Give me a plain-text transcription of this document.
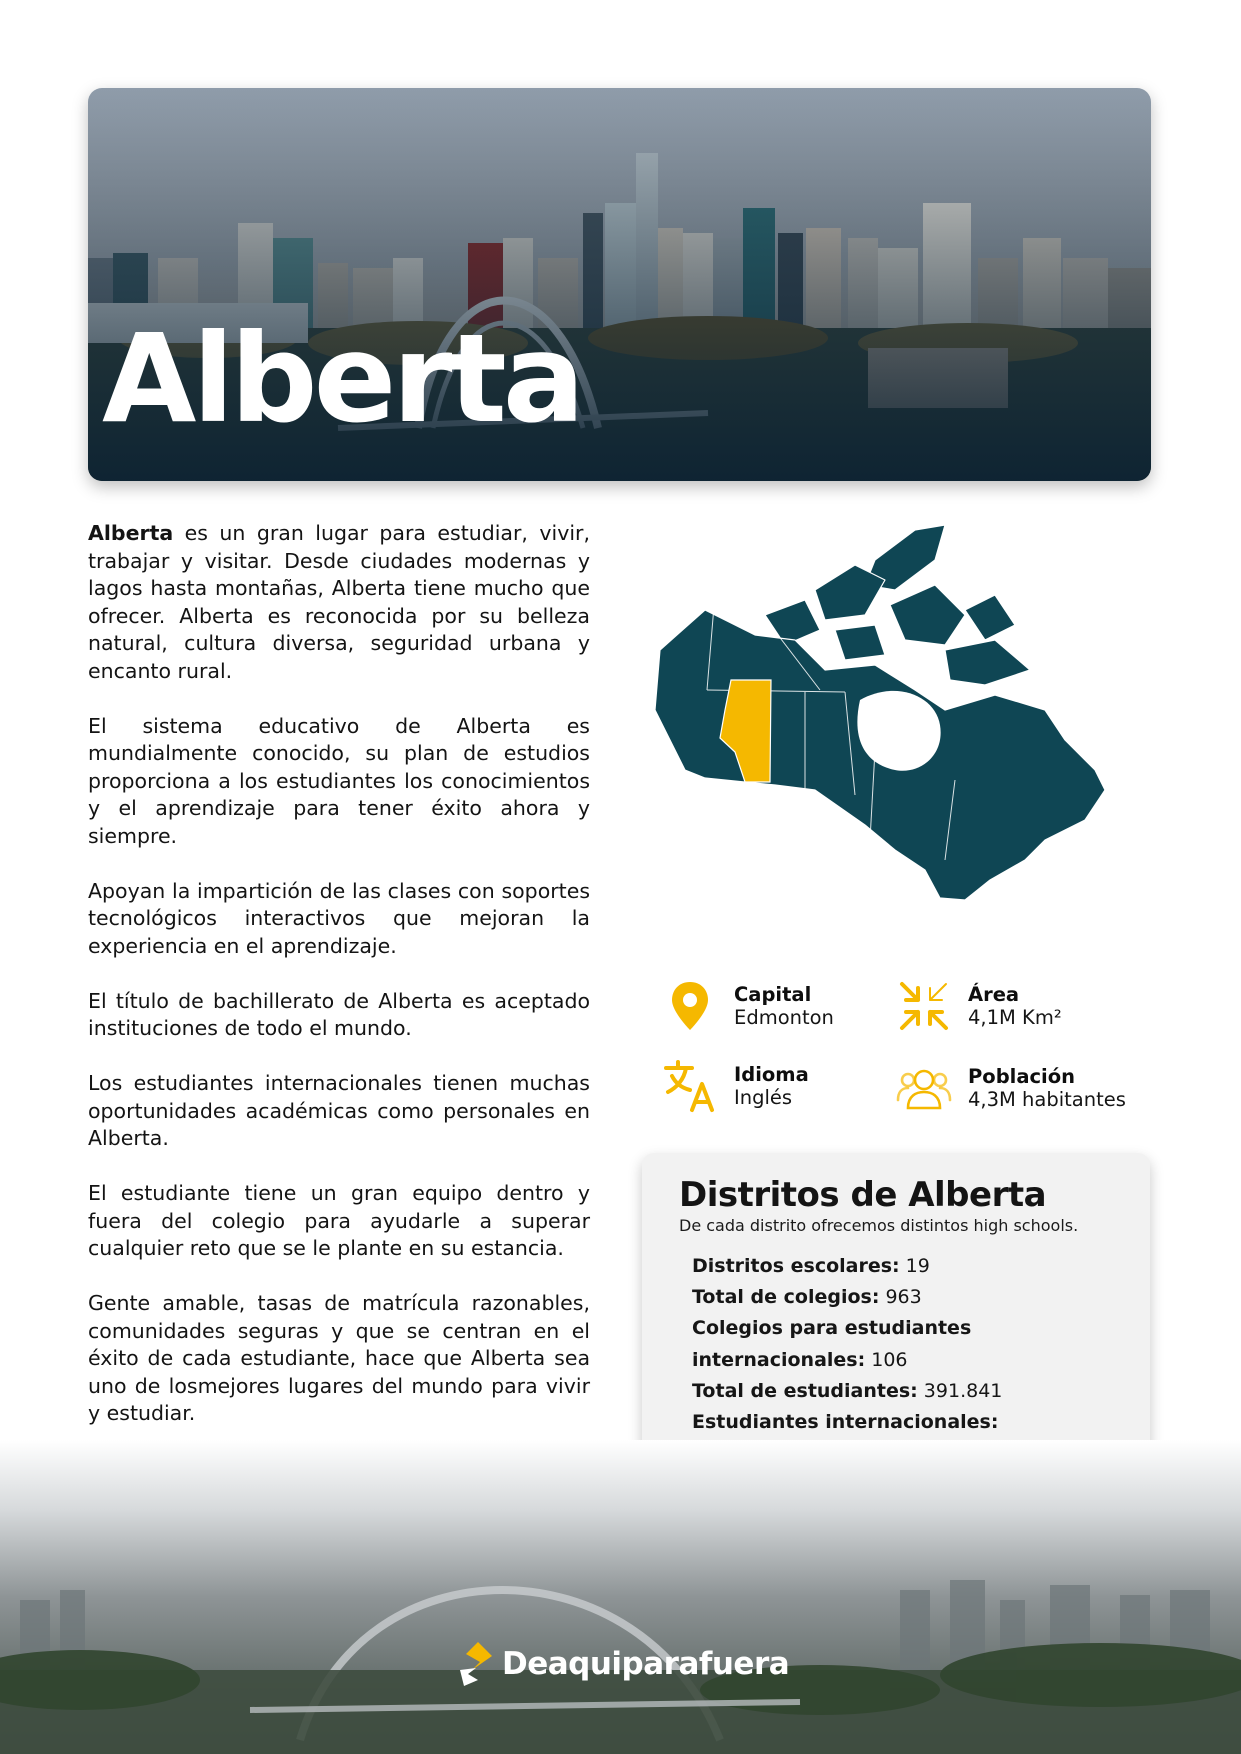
Alberta

Alberta es un gran lugar para estudiar, vivir, trabajar y visitar. Desde ciudades modernas y lagos hasta montañas, Alberta tiene mucho que ofrecer. Alberta es reconocida por su belleza natural, cultura diversa, seguridad urbana y encanto rural.

El sistema educativo de Alberta es mundialmente conocido, su plan de estudios proporciona a los estudiantes los conocimientos y el aprendizaje para tener éxito ahora y siempre.

Apoyan la impartición de las clases con soportes tecnológicos interactivos que mejoran la experiencia en el aprendizaje.

El título de bachillerato de Alberta es aceptado instituciones de todo el mundo.

Los estudiantes internacionales tienen muchas oportunidades académicas como personales en Alberta.

El estudiante tiene un gran equipo dentro y fuera del colegio para ayudarle a superar cualquier reto que se le plante en su estancia.

Gente amable, tasas de matrícula razonables, comunidades seguras y que se centran en el éxito de cada estudiante, hace que Alberta sea uno de losmejores lugares del mundo para vivir y estudiar.

Capital
Edmonton
Área
4,1M Km²
Idioma
Inglés
Población
4,3M habitantes
Distritos de Alberta
De cada distrito ofrecemos distintos high schools.
Distritos escolares: 19
Total de colegios: 963
Colegios para estudiantes
internacionales: 106
Total de estudiantes: 391.841
Estudiantes internacionales:
Deaquiparafuera
